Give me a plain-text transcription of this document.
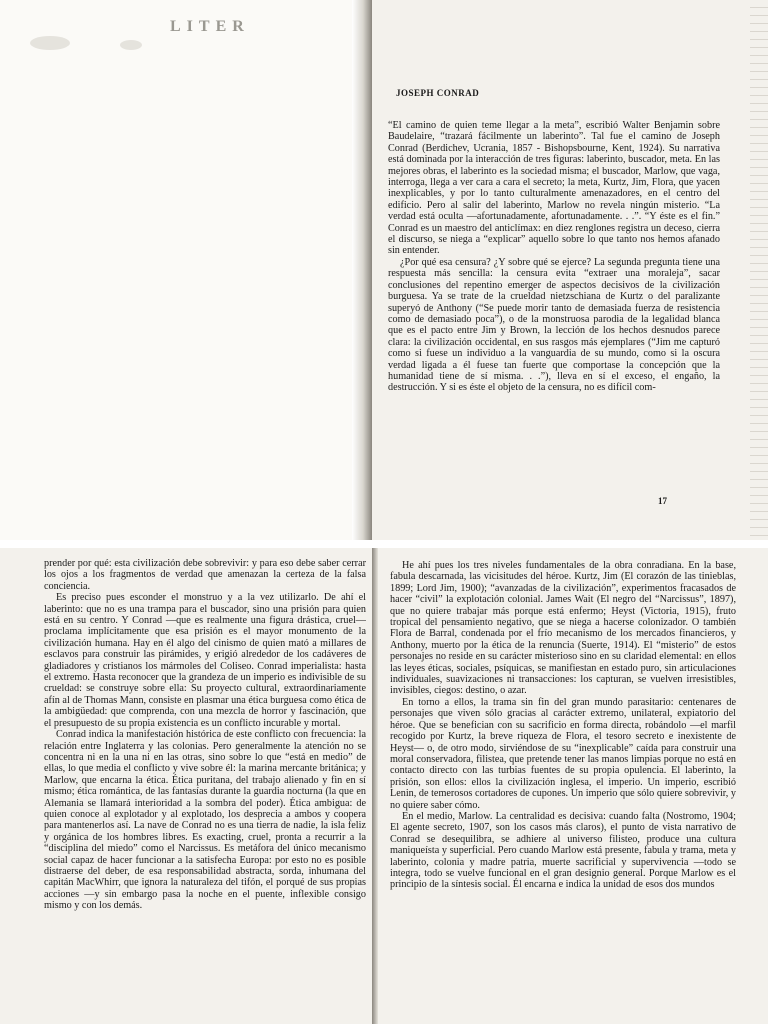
LITER
JOSEPH CONRAD

“El camino de quien teme llegar a la meta”, escribió Walter Benjamin sobre Baudelaire, “trazará fácilmente un laberinto”. Tal fue el camino de Joseph Conrad (Berdichev, Ucrania, 1857 - Bishopsbourne, Kent, 1924). Su narrativa está dominada por la interacción de tres figuras: laberinto, buscador, meta. En las mejores obras, el laberinto es la sociedad misma; el buscador, Marlow, que vaga, interroga, llega a ver cara a cara el secreto; la meta, Kurtz, Jim, Flora, que yacen inexplicables, y por lo tanto culturalmente amenazadores, en el centro del edificio. Pero al salir del laberinto, Marlow no revela ningún misterio. “La verdad está oculta —afortunadamente, afortunadamente. . .”. “Y éste es el fin.” Conrad es un maestro del anticlímax: en diez renglones registra un deceso, cierra el discurso, se niega a “explicar” aquello sobre lo que tanto nos hemos afanado sin entender.

¿Por qué esa censura? ¿Y sobre qué se ejerce? La segunda pregunta tiene una respuesta más sencilla: la censura evita “extraer una moraleja”, sacar conclusiones del repentino emerger de aspectos decisivos de la civilización burguesa. Ya se trate de la crueldad nietzschiana de Kurtz o del paralizante superyó de Anthony (“Se puede morir tanto de demasiada fuerza de resistencia como de demasiado poca”), o de la monstruosa parodia de la legalidad blanca que es el pacto entre Jim y Brown, la lección de los hechos desnudos parece clara: la civilización occidental, en sus rasgos más ejemplares (“Jim me capturó como si fuese un individuo a la vanguardia de su mundo, como si la oscura verdad ligada a él fuese tan fuerte que comportase la concepción que la humanidad tiene de sí misma. . .”), lleva en sí el exceso, el engaño, la destrucción. Y si es éste el objeto de la censura, no es difícil com-

17

prender por qué: esta civilización debe sobrevivir: y para eso debe saber cerrar los ojos a los fragmentos de verdad que amenazan la certeza de la falsa conciencia.

Es preciso pues esconder el monstruo y a la vez utilizarlo. De ahí el laberinto: que no es una trampa para el buscador, sino una prisión para quien está en su centro. Y Conrad —que es realmente una figura drástica, cruel— proclama implícitamente que esa prisión es el mayor monumento de la civilización humana. Hay en él algo del cinismo de quien mató a millares de esclavos para construir las pirámides, y erigió alrededor de los cadáveres de gladiadores y cristianos los mármoles del Coliseo. Conrad imperialista: hasta el extremo. Hasta reconocer que la grandeza de un imperio es indivisible de su crueldad: se construye sobre ella: Su proyecto cultural, extraordinariamente afín al de Thomas Mann, consiste en plasmar una ética burguesa como ética de la ambigüedad: que comprenda, con una mezcla de horror y fascinación, que el presupuesto de su propia existencia es un conflicto incurable y mortal.

Conrad indica la manifestación histórica de este conflicto con frecuencia: la relación entre Inglaterra y las colonias. Pero generalmente la atención no se concentra ni en la una ni en las otras, sino sobre lo que “está en medio” de ellas, lo que media el conflicto y vive sobre él: la marina mercante británica; y Marlow, que encarna la ética. Ética puritana, del trabajo alienado y fin en sí mismo; ética romántica, de las fantasías durante la guardia nocturna (la que en Alemania se llamará interioridad a la sombra del poder). Ética ambigua: de quien conoce al explotador y al explotado, los desprecia a ambos y coopera para mantenerlos así. La nave de Conrad no es una tierra de nadie, la isla feliz y orgánica de los hombres libres. Es exacting, cruel, pronta a recurrir a la “disciplina del miedo” como el Narcissus. Es metáfora del único mecanismo social capaz de hacer funcionar a la satisfecha Europa: por esto no es posible distraerse del deber, de esa responsabilidad abstracta, sorda, inhumana del capitán MacWhirr, que ignora la naturaleza del tifón, el porqué de sus propias acciones —y sin embargo pasa la noche en el puente, inflexible consigo mismo y con los demás.

He ahí pues los tres niveles fundamentales de la obra conradiana. En la base, fabula descarnada, las vicisitudes del héroe. Kurtz, Jim (El corazón de las tinieblas, 1899; Lord Jim, 1900); “avanzadas de la civilización”, experimentos fracasados de hacer “civil” la explotación colonial. James Wait (El negro del “Narcissus”, 1897), que no quiere trabajar más porque está enfermo; Heyst (Victoria, 1915), fruto tropical del pensamiento negativo, que se niega a hacerse colonizador. O también Flora de Barral, condenada por el frío mecanismo de los mercados financieros, y Anthony, muerto por la ética de la renuncia (Suerte, 1914). El “misterio” de estos personajes no reside en su carácter misterioso sino en su claridad elemental: en ellos las leyes éticas, sociales, psíquicas, se manifiestan en estado puro, sin articulaciones individuales, suavizaciones ni transacciones: los capturan, se vuelven irresistibles, invisibles, ciegos: destino, o azar.

En torno a ellos, la trama sin fin del gran mundo parasitario: centenares de personajes que viven sólo gracias al carácter extremo, unilateral, expiatorio del héroe. Que se benefician con su sacrificio en forma directa, robándolo —el marfil recogido por Kurtz, la breve riqueza de Flora, el tesoro secreto e inexistente de Heyst— o, de otro modo, sirviéndose de su “inexplicable” caída para construir una moral conservadora, filistea, que pretende tener las manos limpias porque no está en contacto directo con las turbias fuentes de su propia opulencia. El laberinto, la prisión, son ellos: ellos la civilización inglesa, el imperio. Un imperio, escribió Lenin, de temerosos cortadores de cupones. Un imperio que sólo quiere sobrevivir, y no quiere saber cómo.

En el medio, Marlow. La centralidad es decisiva: cuando falta (Nostromo, 1904; El agente secreto, 1907, son los casos más claros), el punto de vista narrativo de Conrad se desequilibra, se adhiere al universo filisteo, produce una cultura maniqueísta y superficial. Pero cuando Marlow está presente, fabula y trama, meta y laberinto, colonia y madre patria, muerte sacrificial y supervivencia —todo se integra, todo se vuelve funcional en el gran designio general. Porque Marlow es el principio de la síntesis social. Él encarna e indica la unidad de esos dos mundos
